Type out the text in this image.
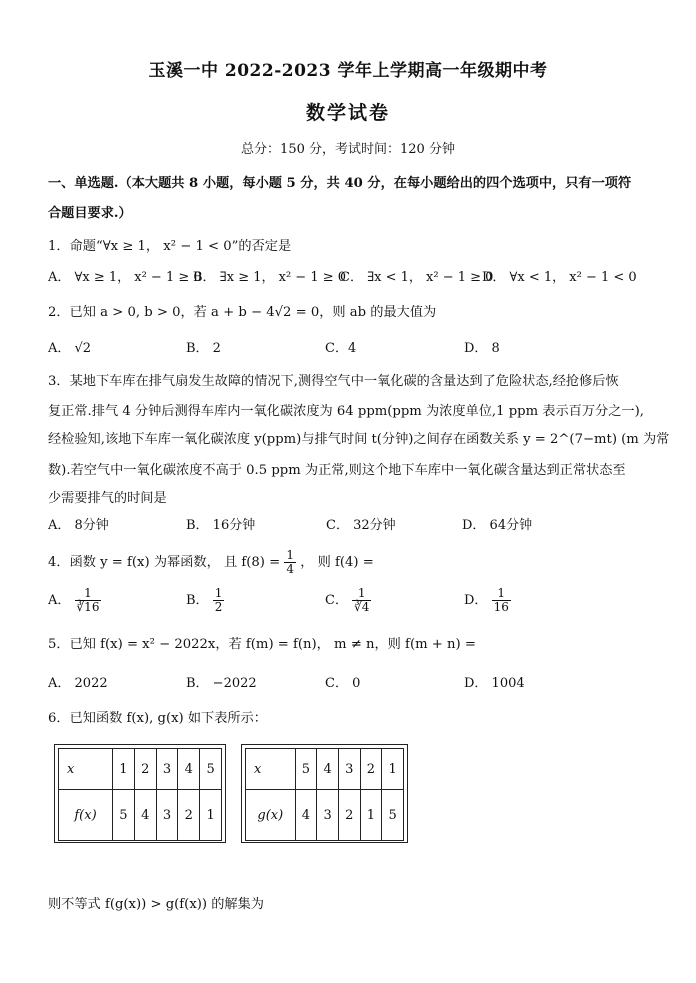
玉溪一中 2022-2023 学年上学期高一年级期中考
数学试卷
总分：150 分，考试时间：120 分钟
一、单选题.（本大题共 8 小题，每小题 5 分，共 40 分，在每小题给出的四个选项中，只有一项符
合题目要求.）
1．命题“∀x ≥ 1， x² − 1 < 0”的否定是
A． ∀x ≥ 1， x² − 1 ≥ 0
B． ∃x ≥ 1， x² − 1 ≥ 0
C． ∃x < 1， x² − 1 ≥ 0
D． ∀x < 1， x² − 1 < 0
2．已知 a > 0, b > 0，若 a + b − 4√2 = 0，则 ab 的最大值为
A． √2	B． 2	C．4	D． 8
3．某地下车库在排气扇发生故障的情况下,测得空气中一氧化碳的含量达到了危险状态,经抢修后恢
复正常.排气 4 分钟后测得车库内一氧化碳浓度为 64 ppm(ppm 为浓度单位,1 ppm 表示百万分之一),
经检验知,该地下车库一氧化碳浓度 y(ppm)与排气时间 t(分钟)之间存在函数关系 y = 2^(7−mt) (m 为常
数).若空气中一氧化碳浓度不高于 0.5 ppm 为正常,则这个地下车库中一氧化碳含量达到正常状态至
少需要排气的时间是
A． 8分钟	B． 16分钟	C． 32分钟	D． 64分钟
4．函数 y = f(x) 为幂函数， 且 $f(8) = \frac{1}{4}$ ， 则 f(4) =
A． $\frac{1}{∛16}$	B． $\frac{1}{2}$	C． $\frac{1}{∛4}$	D． $\frac{1}{16}$
5．已知 f(x) = x² − 2022x，若 f(m) = f(n)， m ≠ n，则 f(m + n) =
A． 2022	B． −2022	C． 0	D． 1004
6．已知函数 f(x), g(x) 如下表所示：
x	1	2	3	4	5
f(x)	5	4	3	2	1
x	5	4	3	2	1
g(x)	4	3	2	1	5
则不等式 f(g(x)) > g(f(x)) 的解集为
